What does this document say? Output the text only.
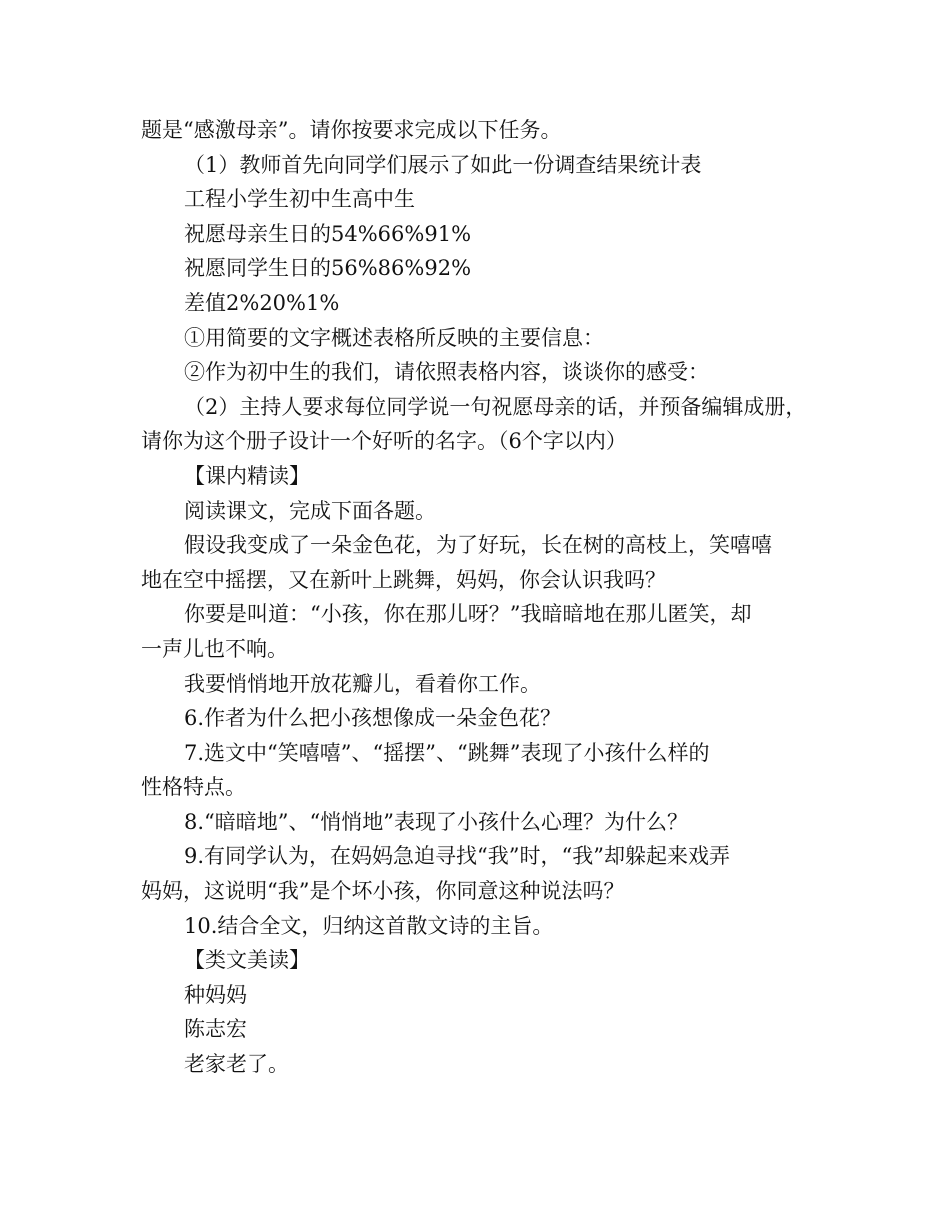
题是“感激母亲”。请你按要求完成以下任务。
（1）教师首先向同学们展示了如此一份调查结果统计表
工程小学生初中生高中生
祝愿母亲生日的54%66%91%
祝愿同学生日的56%86%92%
差值2%20%1%
①用简要的文字概述表格所反映的主要信息：
②作为初中生的我们，请依照表格内容，谈谈你的感受：
（2）主持人要求每位同学说一句祝愿母亲的话，并预备编辑成册，
请你为这个册子设计一个好听的名字。（6个字以内）
【课内精读】
阅读课文，完成下面各题。
假设我变成了一朵金色花，为了好玩，长在树的高枝上，笑嘻嘻
地在空中摇摆，又在新叶上跳舞，妈妈，你会认识我吗？
你要是叫道：“小孩，你在那儿呀？”我暗暗地在那儿匿笑，却
一声儿也不响。
我要悄悄地开放花瓣儿，看着你工作。
6.作者为什么把小孩想像成一朵金色花？
7.选文中“笑嘻嘻”、“摇摆”、“跳舞”表现了小孩什么样的
性格特点。
8.“暗暗地”、“悄悄地”表现了小孩什么心理？为什么？
9.有同学认为，在妈妈急迫寻找“我”时，“我”却躲起来戏弄
妈妈，这说明“我”是个坏小孩，你同意这种说法吗？
10.结合全文，归纳这首散文诗的主旨。
【类文美读】
种妈妈
陈志宏
老家老了。
